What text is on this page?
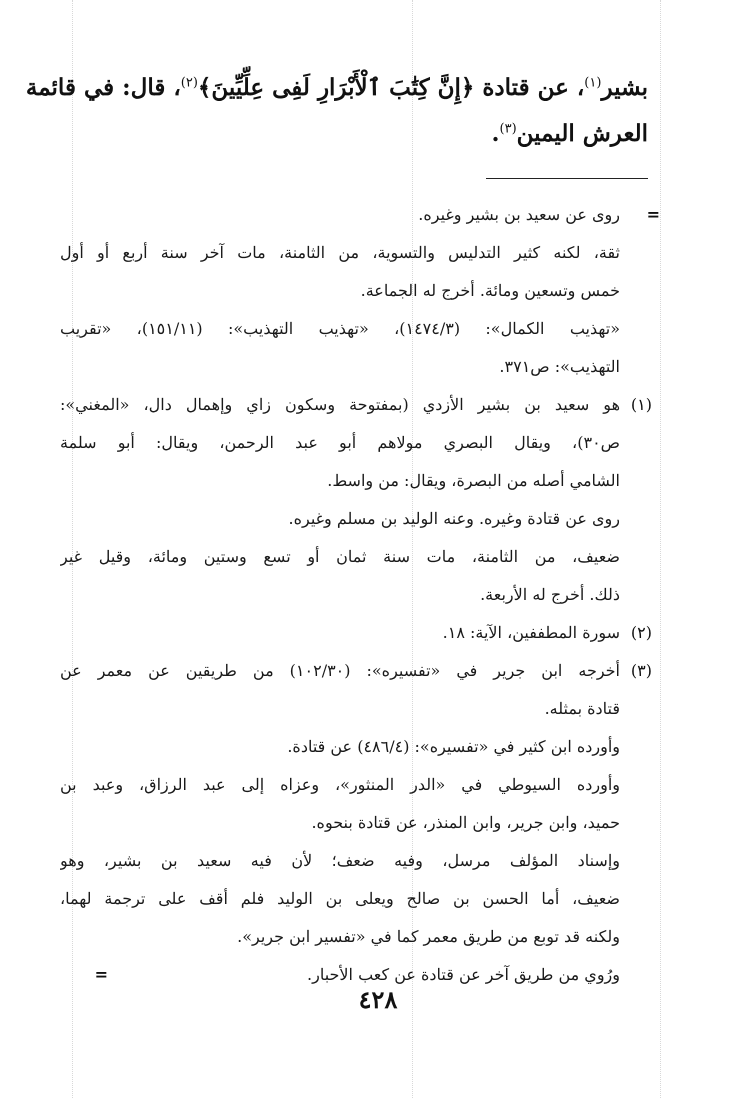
بشير$^{(١)}$، عن قتادة ﴿إِنَّ كِتَٰبَ ٱلْأَبْرَارِ لَفِى عِلِّيِّينَ﴾$^{(٢)}$، قال: في قائمة
العرش اليمين$^{(٣)}$.
=
روى عن سعيد بن بشير وغيره.
ثقة، لكنه كثير التدليس والتسوية، من الثامنة، مات آخر سنة أربع أو أول
خمس وتسعين ومائة. أخرج له الجماعة.
«تهذيب الكمال»: (١٤٧٤/٣)، «تهذيب التهذيب»: (١٥١/١١)، «تقريب
التهذيب»: ص٣٧١.
(١)
هو سعيد بن بشير الأزدي (بمفتوحة وسكون زاي وإهمال دال، «المغني»:
ص٣٠)، ويقال البصري مولاهم أبو عبد الرحمن، ويقال: أبو سلمة
الشامي أصله من البصرة، ويقال: من واسط.
روى عن قتادة وغيره. وعنه الوليد بن مسلم وغيره.
ضعيف، من الثامنة، مات سنة ثمان أو تسع وستين ومائة، وقيل غير
ذلك. أخرج له الأربعة.
(٢)
سورة المطففين، الآية: ١٨.
(٣)
أخرجه ابن جرير في «تفسيره»: (١٠٢/٣٠) من طريقين عن معمر عن
قتادة بمثله.
وأورده ابن كثير في «تفسيره»: (٤٨٦/٤) عن قتادة.
وأورده السيوطي في «الدر المنثور»، وعزاه إلى عبد الرزاق، وعبد بن
حميد، وابن جرير، وابن المنذر، عن قتادة بنحوه.
وإسناد المؤلف مرسل، وفيه ضعف؛ لأن فيه سعيد بن بشير، وهو
ضعيف، أما الحسن بن صالح ويعلى بن الوليد فلم أقف على ترجمة لهما،
ولكنه قد توبع من طريق معمر كما في «تفسير ابن جرير».
ورُوي من طريق آخر عن قتادة عن كعب الأحبار.
=
٤٢٨
